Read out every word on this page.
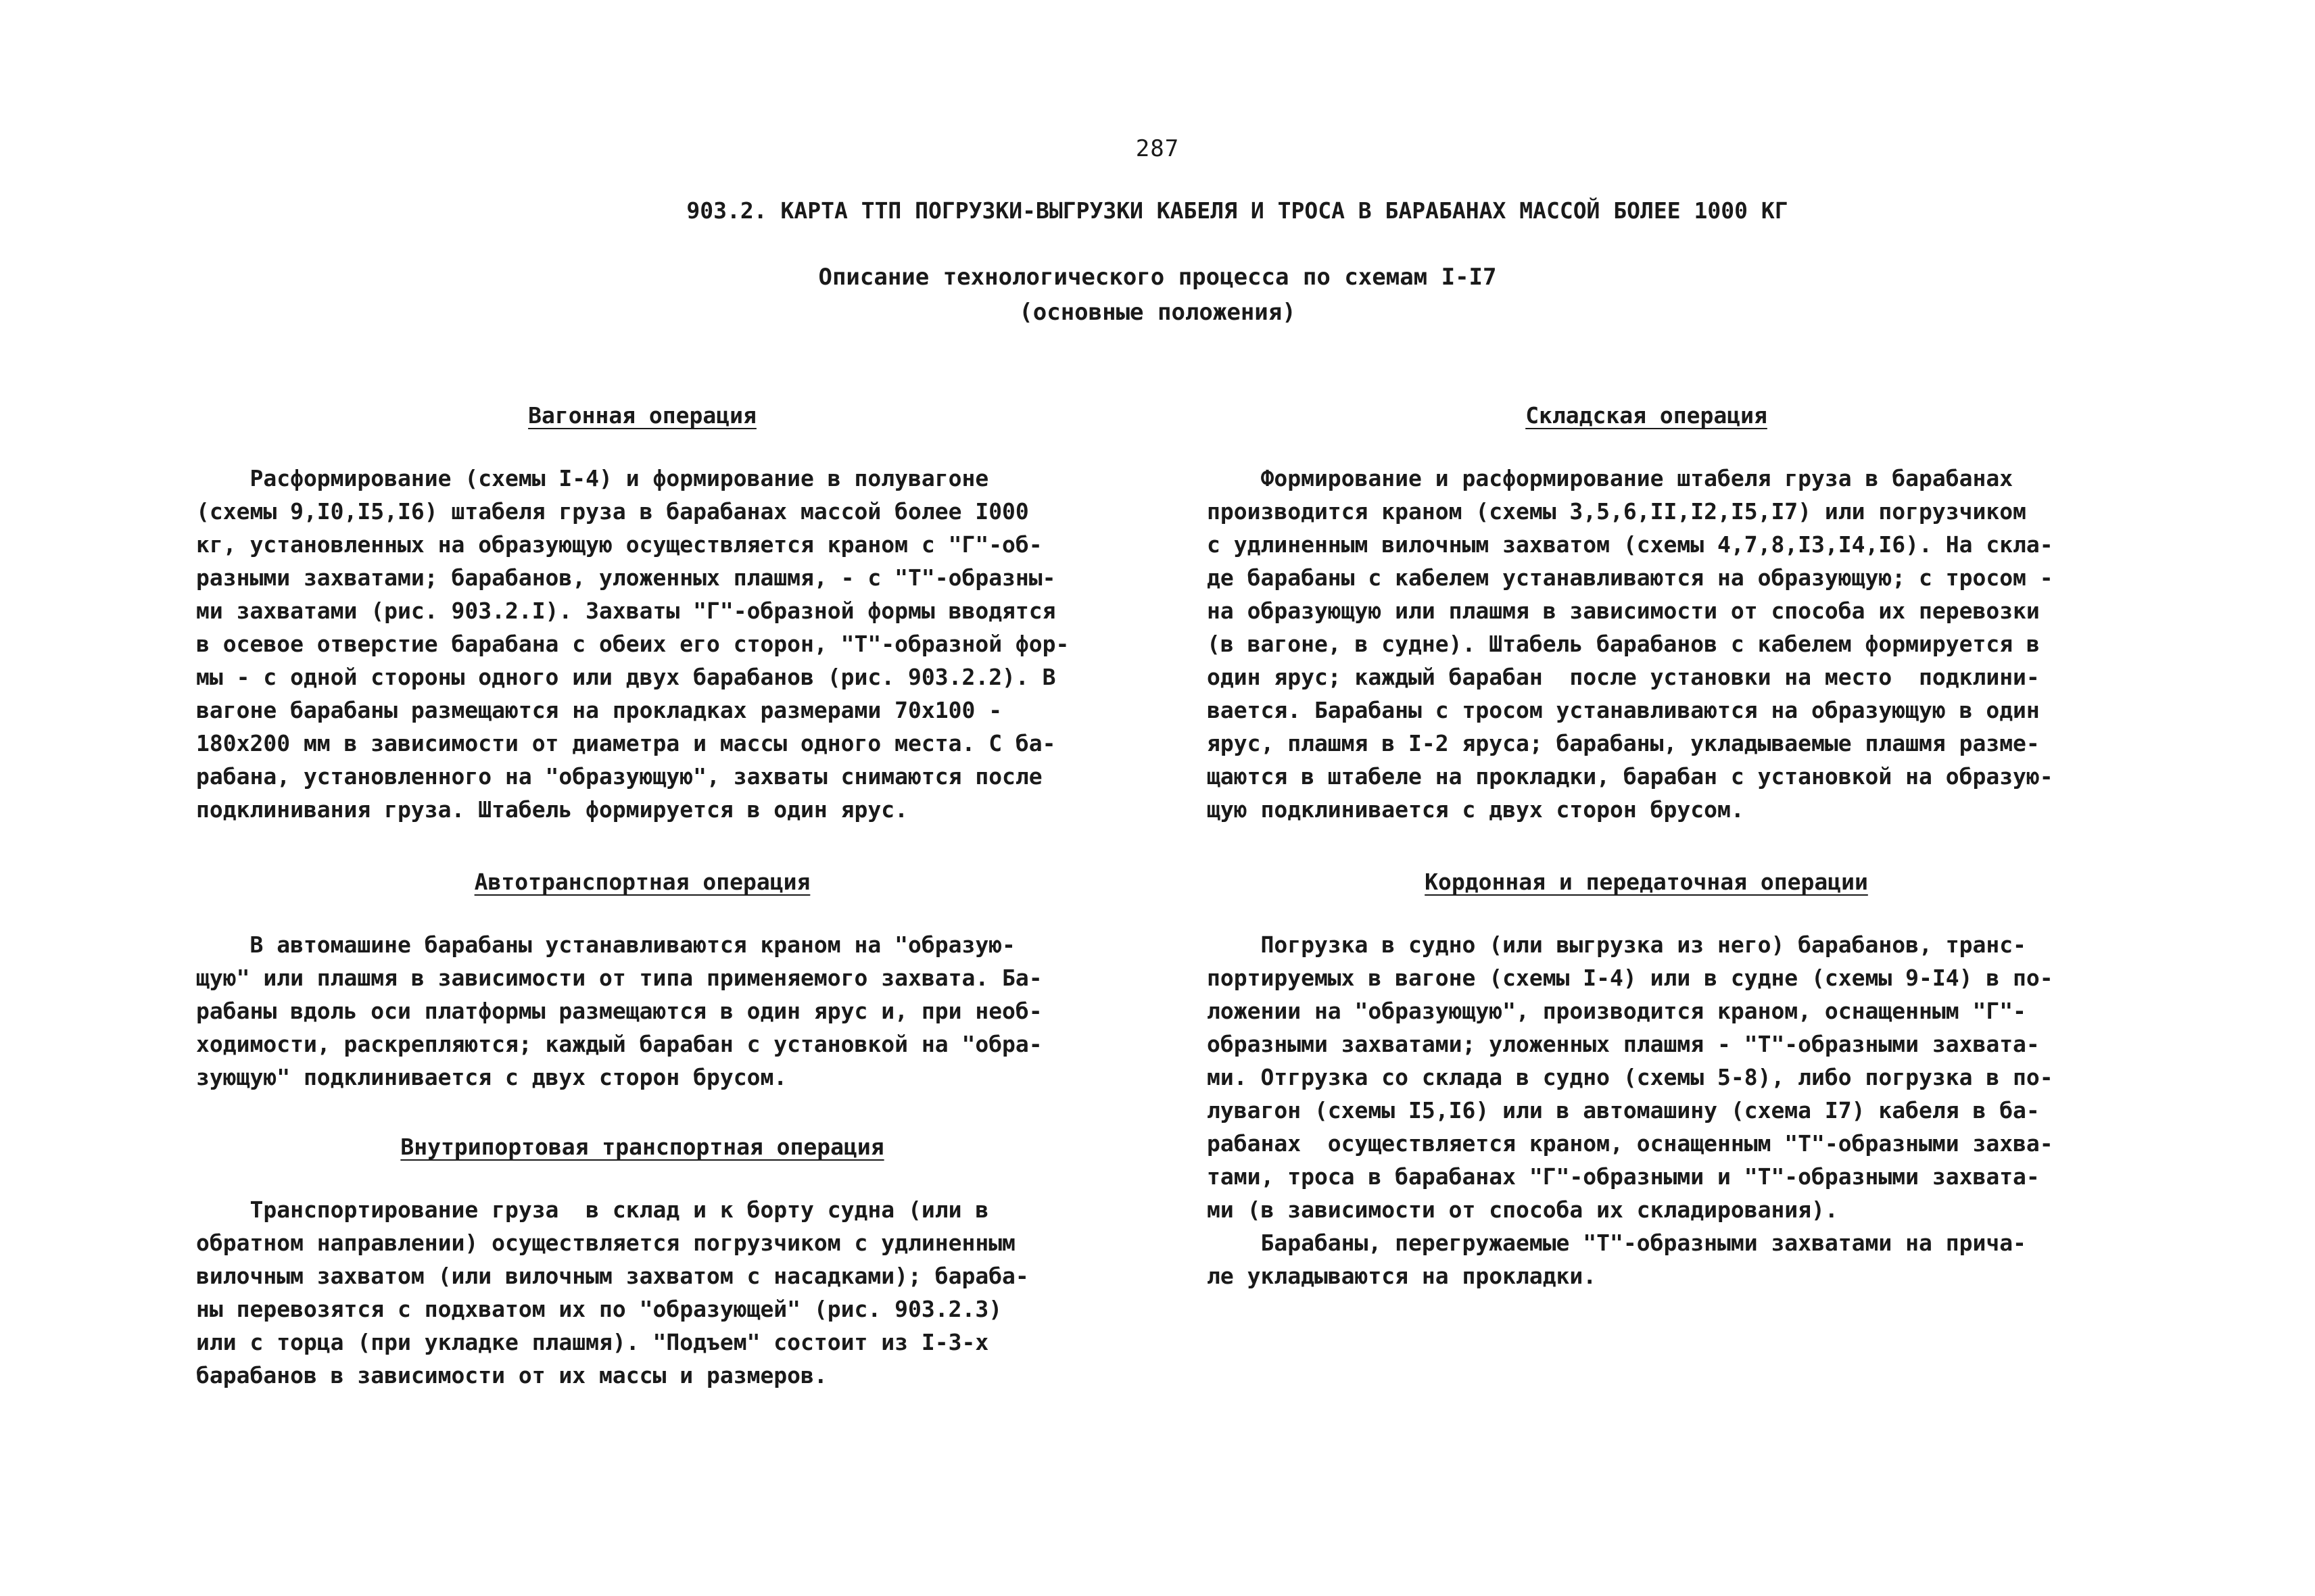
287
903.2. КАРТА ТТП ПОГРУЗКИ-ВЫГРУЗКИ КАБЕЛЯ И ТРОСА В БАРАБАНАХ МАССОЙ БОЛЕЕ 1000 КГ
Описание технологического процесса по схемам I-I7
(основные положения)
Вагонная операция
Расформирование (схемы I-4) и формирование в полувагоне
(схемы 9,I0,I5,I6) штабеля груза в барабанах массой более I000
кг, установленных на образующую осуществляется краном с "Г"-об-
разными захватами; барабанов, уложенных плашмя, - с "Т"-образны-
ми захватами (рис. 903.2.I). Захваты "Г"-образной формы вводятся
в осевое отверстие барабана с обеих его сторон, "Т"-образной фор-
мы - с одной стороны одного или двух барабанов (рис. 903.2.2). В
вагоне барабаны размещаются на прокладках размерами 70х100 -
180х200 мм в зависимости от диаметра и массы одного места. С ба-
рабана, установленного на "образующую", захваты снимаются после
подклинивания груза. Штабель формируется в один ярус.
Автотранспортная операция
В автомашине барабаны устанавливаются краном на "образую-
щую" или плашмя в зависимости от типа применяемого захвата. Ба-
рабаны вдоль оси платформы размещаются в один ярус и, при необ-
ходимости, раскрепляются; каждый барабан с установкой на "обра-
зующую" подклинивается с двух сторон брусом.
Внутрипортовая транспортная операция
Транспортирование груза  в склад и к борту судна (или в
обратном направлении) осуществляется погрузчиком с удлиненным
вилочным захватом (или вилочным захватом с насадками); бараба-
ны перевозятся с подхватом их по "образующей" (рис. 903.2.3)
или с торца (при укладке плашмя). "Подъем" состоит из I-3-х
барабанов в зависимости от их массы и размеров.
Складская операция
Формирование и расформирование штабеля груза в барабанах
производится краном (схемы 3,5,6,II,I2,I5,I7) или погрузчиком
с удлиненным вилочным захватом (схемы 4,7,8,I3,I4,I6). На скла-
де барабаны с кабелем устанавливаются на образующую; с тросом -
на образующую или плашмя в зависимости от способа их перевозки
(в вагоне, в судне). Штабель барабанов с кабелем формируется в
один ярус; каждый барабан  после установки на место  подклини-
вается. Барабаны с тросом устанавливаются на образующую в один
ярус, плашмя в I-2 яруса; барабаны, укладываемые плашмя разме-
щаются в штабеле на прокладки, барабан с установкой на образую-
щую подклинивается с двух сторон брусом.
Кордонная и передаточная операции
Погрузка в судно (или выгрузка из него) барабанов, транс-
портируемых в вагоне (схемы I-4) или в судне (схемы 9-I4) в по-
ложении на "образующую", производится краном, оснащенным "Г"-
образными захватами; уложенных плашмя - "Т"-образными захвата-
ми. Отгрузка со склада в судно (схемы 5-8), либо погрузка в по-
лувагон (схемы I5,I6) или в автомашину (схема I7) кабеля в ба-
рабанах  осуществляется краном, оснащенным "Т"-образными захва-
тами, троса в барабанах "Г"-образными и "Т"-образными захвата-
ми (в зависимости от способа их складирования).
Барабаны, перегружаемые "Т"-образными захватами на прича-
ле укладываются на прокладки.
